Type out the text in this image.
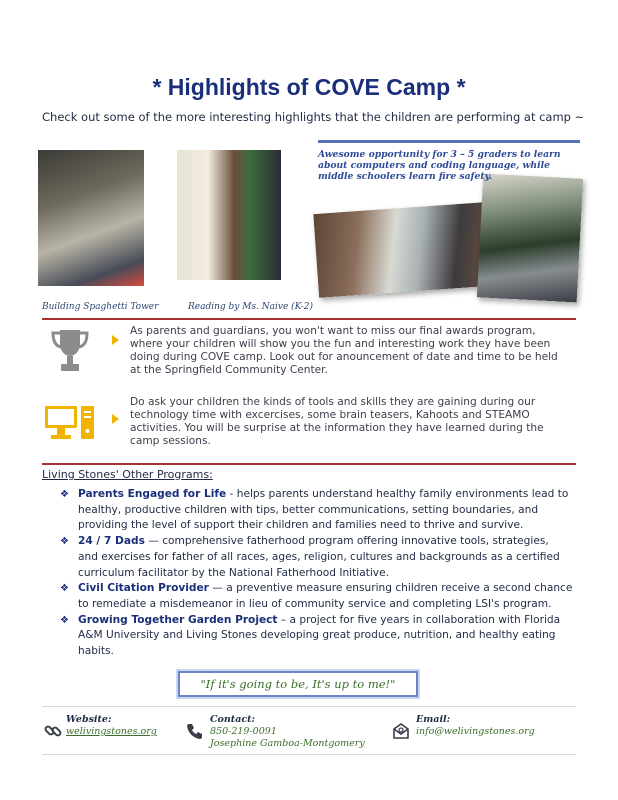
* Highlights of COVE Camp *
Check out some of the more interesting highlights that the children are performing at camp ~
Building Spaghetti Tower	Reading by Ms. Naive (K-2)
Awesome opportunity for 3 – 5 graders to learn
about computers and coding language, while
middle schoolers learn fire safety.
As parents and guardians, you won't want to miss our final awards program,
where your children will show you the fun and interesting work they have been
doing during COVE camp. Look out for anouncement of date and time to be held
at the Springfield Community Center.
Do ask your children the kinds of tools and skills they are gaining during our
technology time with excercises, some brain teasers, Kahoots and STEAMO
activities. You will be surprise at the information they have learned during the
camp sessions.
Living Stones' Other Programs:
❖ Parents Engaged for Life - helps parents understand healthy family environments lead to
healthy, productive children with tips, better communications, setting boundaries, and
providing the level of support their children and families need to thrive and survive.
❖ 24 / 7 Dads — comprehensive fatherhood program offering innovative tools, strategies,
and exercises for father of all races, ages, religion, cultures and backgrounds as a certified
curriculum facilitator by the National Fatherhood Initiative.
❖ Civil Citation Provider — a preventive measure ensuring children receive a second chance
to remediate a misdemeanor in lieu of community service and completing LSI's program.
❖ Growing Together Garden Project – a project for five years in collaboration with Florida
A&M University and Living Stones developing great produce, nutrition, and healthy eating
habits.
"If it's going to be, It's up to me!"
Website:
welivingstones.org
Contact:
850-219-0091
Josephine Gamboa-Montgomery
Email:
info@welivingstones.org
